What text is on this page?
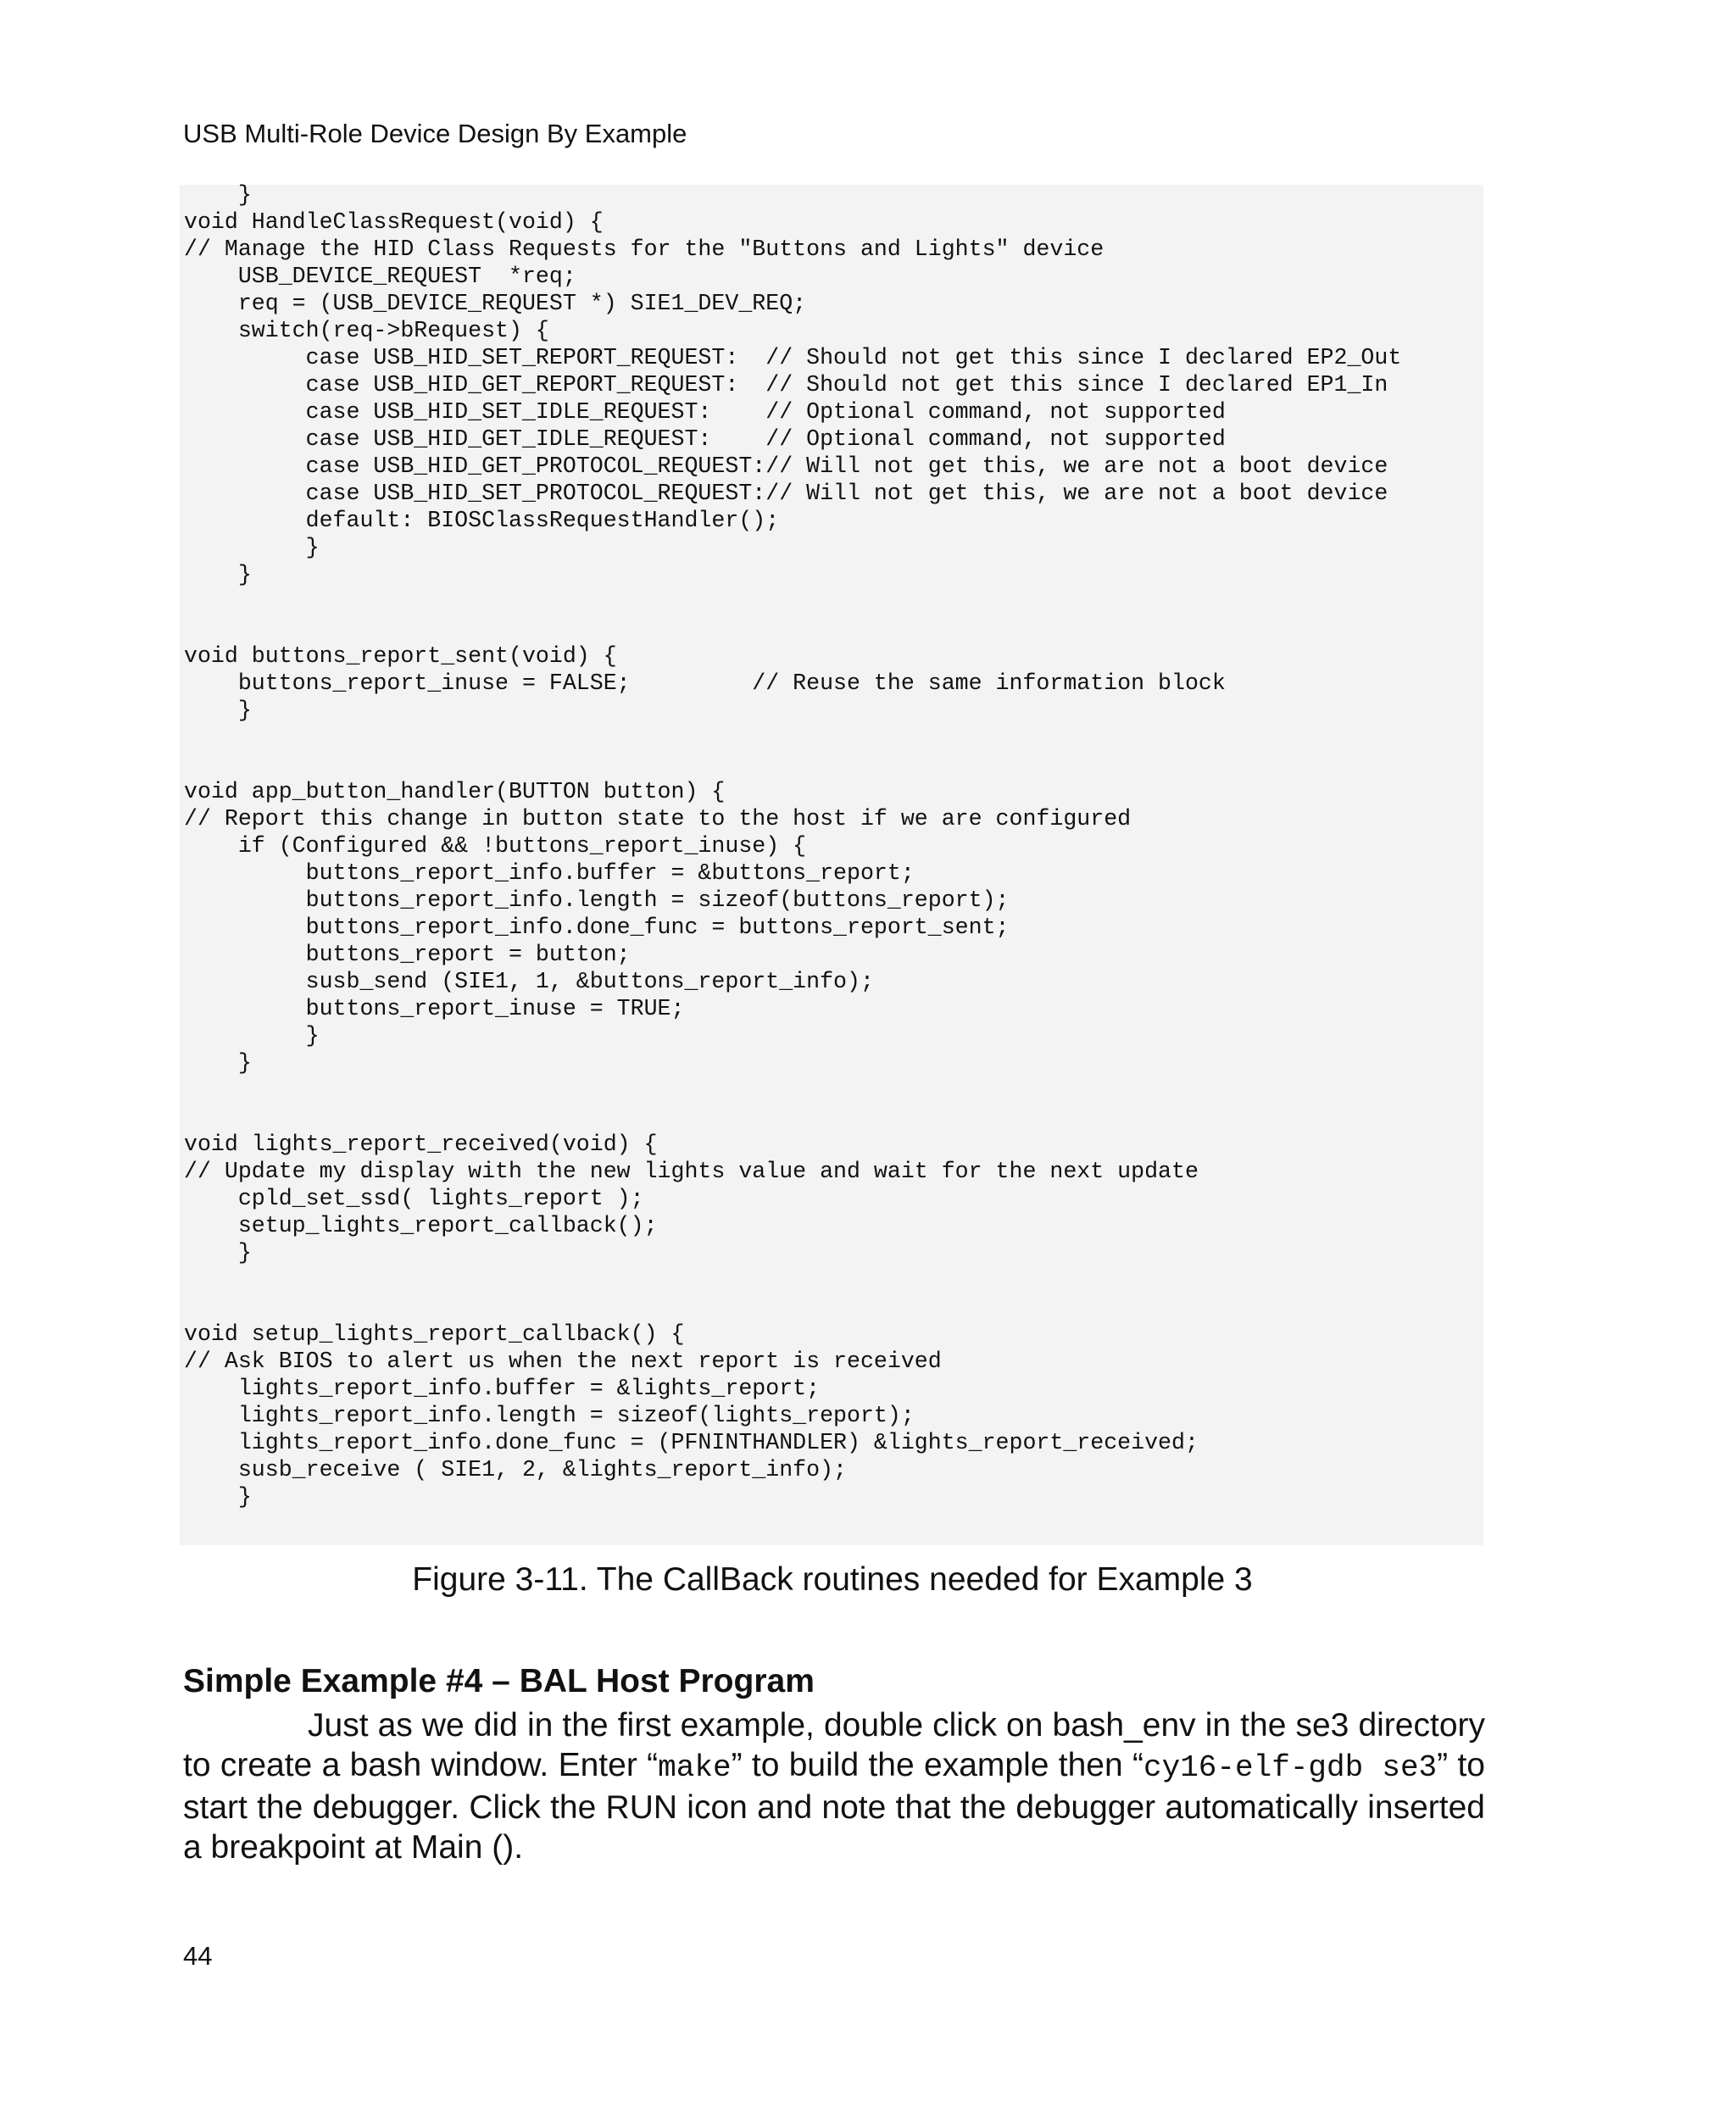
USB Multi-Role Device Design By Example
}
void HandleClassRequest(void) {
// Manage the HID Class Requests for the "Buttons and Lights" device
USB_DEVICE_REQUEST  *req;
req = (USB_DEVICE_REQUEST *) SIE1_DEV_REQ;
switch(req->bRequest) {
case USB_HID_SET_REPORT_REQUEST:  // Should not get this since I declared EP2_Out
case USB_HID_GET_REPORT_REQUEST:  // Should not get this since I declared EP1_In
case USB_HID_SET_IDLE_REQUEST:    // Optional command, not supported
case USB_HID_GET_IDLE_REQUEST:    // Optional command, not supported
case USB_HID_GET_PROTOCOL_REQUEST:// Will not get this, we are not a boot device
case USB_HID_SET_PROTOCOL_REQUEST:// Will not get this, we are not a boot device
default: BIOSClassRequestHandler();
}
}

void buttons_report_sent(void) {
buttons_report_inuse = FALSE;         // Reuse the same information block
}

void app_button_handler(BUTTON button) {
// Report this change in button state to the host if we are configured
if (Configured && !buttons_report_inuse) {
buttons_report_info.buffer = &buttons_report;
buttons_report_info.length = sizeof(buttons_report);
buttons_report_info.done_func = buttons_report_sent;
buttons_report = button;
susb_send (SIE1, 1, &buttons_report_info);
buttons_report_inuse = TRUE;
}
}

void lights_report_received(void) {
// Update my display with the new lights value and wait for the next update
cpld_set_ssd( lights_report );
setup_lights_report_callback();
}

void setup_lights_report_callback() {
// Ask BIOS to alert us when the next report is received
lights_report_info.buffer = &lights_report;
lights_report_info.length = sizeof(lights_report);
lights_report_info.done_func = (PFNINTHANDLER) &lights_report_received;
susb_receive ( SIE1, 2, &lights_report_info);
}
Figure 3-11. The CallBack routines needed for Example 3
Simple Example #4 – BAL Host Program

Just as we did in the first example, double click on bash_env in the se3 directory to create a bash window. Enter “make” to build the example then “cy16-elf-gdb se3” to start the debugger. Click the RUN icon and note that the debugger automatically inserted a breakpoint at Main ().

44
